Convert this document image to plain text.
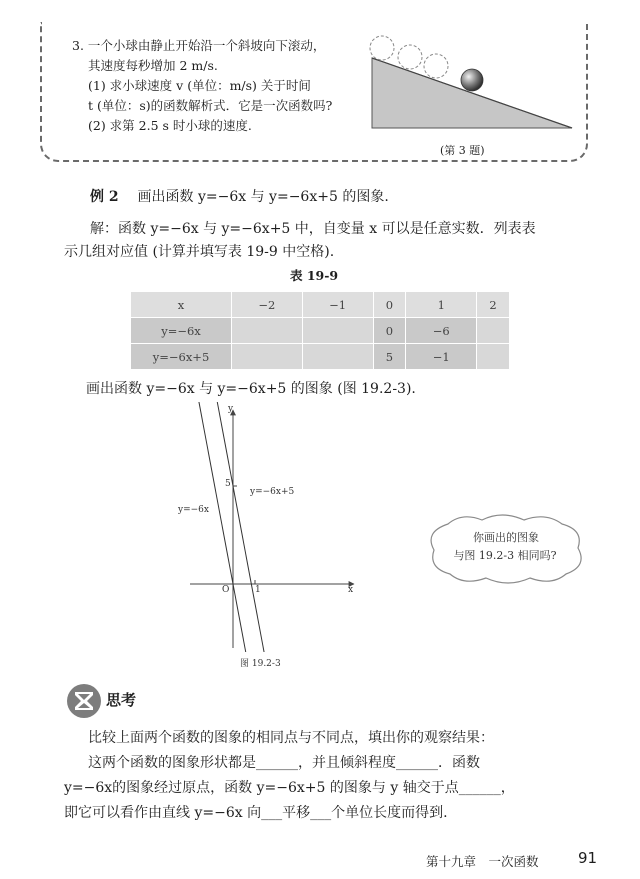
3. 一个小球由静止开始沿一个斜坡向下滚动，
其速度每秒增加 2 m/s.
(1) 求小球速度 v (单位：m/s) 关于时间
t (单位：s)的函数解析式．它是一次函数吗?
(2) 求第 2.5 s 时小球的速度.
(第 3 题)
例 2 画出函数 y=−6x 与 y=−6x+5 的图象.
解：函数 y=−6x 与 y=−6x+5 中，自变量 x 可以是任意实数．列表表
示几组对应值 (计算并填写表 19-9 中空格).
表 19-9
x	−2	−1	0	1	2
y=−6x			0	−6	
y=−6x+5			5	−1	
画出函数 y=−6x 与 y=−6x+5 的图象 (图 19.2-3).
y
x
O	1
5
y=−6x+5
y=−6x
图 19.2-3
你画出的图象
与图 19.2-3 相同吗?
思考
比较上面两个函数的图象的相同点与不同点，填出你的观察结果：
这两个函数的图象形状都是______，并且倾斜程度______．函数
y=−6x的图象经过原点，函数 y=−6x+5 的图象与 y 轴交于点______，
即它可以看作由直线 y=−6x 向___平移___个单位长度而得到.
第十九章　一次函数	91
